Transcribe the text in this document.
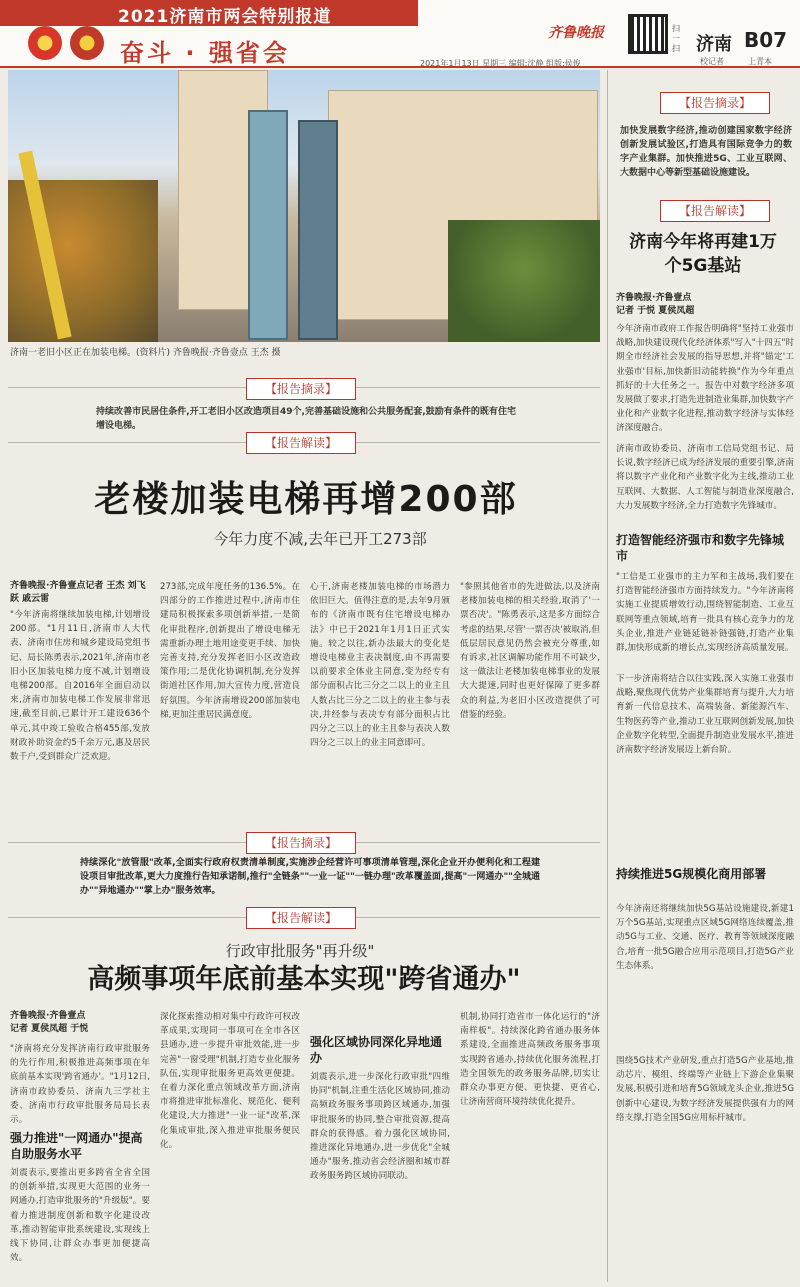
2021济南市两会特别报道
奋斗 · 强省会
齐鲁晚报	扫一扫 济南 B07
2021年1月13日 星期三 编辑:沈静 组版:侯俊	校记者	上青本
济南一老旧小区正在加装电梯。(资料片) 齐鲁晚报·齐鲁壹点 王杰 摄
【报告摘录】
持续改善市民居住条件,开工老旧小区改造项目49个,完善基础设施和公共服务配套,鼓励有条件的既有住宅增设电梯。
【报告解读】
老楼加装电梯再增200部
今年力度不减,去年已开工273部
齐鲁晚报·齐鲁壹点记者 王杰 刘飞跃 戚云雷
"今年济南将继续加装电梯,计划增设200部。"1月11日,济南市人大代表、济南市住房和城乡建设局党组书记、局长陈勇表示,2021年,济南市老旧小区加装电梯力度不减,计划增设电梯200部。自2016年全面启动以来,济南市加装电梯工作发展非常迅速,截至目前,已累计开工建设636个单元,其中竣工验收合格455部,发放财政补助资金约5千余万元,惠及居民数千户,受到群众广泛欢迎。
273部,完成年度任务的136.5%。在四部分的工作推进过程中,济南市住建局积极探索多项创新举措,一是简化审批程序,创新提出了增设电梯无需重新办理土地用途变更手续、加快完善支持,充分发挥老旧小区改造政策作用;二是优化协调机制,充分发挥街道社区作用,加大宣传力度,营造良好氛围。今年济南增设200部加装电梯,更加注重居民满意度。
心干,济南老楼加装电梯的市场潜力依旧巨大。值得注意的是,去年9月颁布的《济南市既有住宅增设电梯办法》中已于2021年1月1日正式实施。较之以往,新办法最大的变化是增设电梯业主表决制度,由不再需要以前要求全体业主同意,变为经专有部分面积占比三分之二以上的业主且人数占比三分之二以上的业主参与表决,并经参与表决专有部分面积占比四分之三以上的业主且参与表决人数四分之三以上的业主同意即可。
"参照其他省市的先进做法,以及济南老楼加装电梯的相关经验,取消了'一票否决'。"陈勇表示,这是多方面综合考虑的结果,尽管'一票否决'被取消,但低层居民意见仍然会被充分尊重,如有诉求,社区调解功能作用不可缺少,这一做法让老楼加装电梯事业的发展大大提速,同时也更好保障了更多群众的利益,为老旧小区改造提供了可借鉴的经验。
【报告摘录】
持续深化"放管服"改革,全面实行政府权责清单制度,实施涉企经营许可事项清单管理,深化企业开办便利化和工程建设项目审批改革,更大力度推行告知承诺制,推行"全链条""一业一证""一链办理"改革覆盖面,提高"一网通办""全城通办""异地通办""掌上办"服务效率。
【报告解读】
行政审批服务"再升级"
高频事项年底前基本实现"跨省通办"
齐鲁晚报·齐鲁壹点
记者 夏侯凤超 于悦
"济南将充分发挥济南行政审批服务的先行作用,积极推进高频事项在年底前基本实现'跨省通办'。"1月12日,济南市政协委员、济南九三学社主委、济南市行政审批服务局局长表示。
强力推进"一网通办"提高自助服务水平
刘震表示,要推出更多跨省全省全国的创新举措,实现更大范围的业务一网通办,打造审批服务的"升级版"。要着力推进制度创新和数字化建设改革,推动智能审批系统建设,实现线上线下协同,让群众办事更加便捷高效。
深化探索推动相对集中行政许可权改革成果,实现同一事项可在全市各区县通办,进一步提升审批效能,进一步完善"一窗受理"机制,打造专业化服务队伍,实现审批服务更高效更便捷。在着力深化重点领域改革方面,济南市将推进审批标准化、规范化、便利化建设,大力推进"一业一证"改革,深化集成审批,深入推进审批服务便民化。
强化区域协同深化异地通办
刘震表示,进一步深化行政审批"四维协同"机制,注重生活化区域协同,推动高频政务服务事项跨区域通办,加强审批服务的协同,整合审批资源,提高群众的获得感。着力强化区域协同,推进深化异地通办,进一步优化"全城通办"服务,推动省会经济圈和城市群政务服务跨区域协同联动。
机制,协同打造省市一体化运行的"济南样板"。持续深化跨省通办服务体系建设,全面推进高频政务服务事项实现跨省通办,持续优化服务流程,打造全国领先的政务服务品牌,切实让群众办事更方便、更快捷、更省心,让济南营商环境持续优化提升。
【报告摘录】
加快发展数字经济,推动创建国家数字经济创新发展试验区,打造具有国际竞争力的数字产业集群。加快推进5G、工业互联网、大数据中心等新型基础设施建设。
【报告解读】
济南今年将再建1万个5G基站
齐鲁晚报·齐鲁壹点
记者 于悦 夏侯凤超
今年济南市政府工作报告明确将"坚持工业强市战略,加快建设现代化经济体系"写入"十四五"时期全市经济社会发展的指导思想,并将"锚定'工业强市'目标,加快新旧动能转换"作为今年重点抓好的十大任务之一。报告中对数字经济多项发展做了要求,打造先进制造业集群,加快数字产业化和产业数字化进程,推动数字经济与实体经济深度融合。
济南市政协委员、济南市工信局党组书记、局长说,数字经济已成为经济发展的重要引擎,济南将以数字产业化和产业数字化为主线,推动工业互联网、大数据、人工智能与制造业深度融合,大力发展数字经济,全力打造数字先锋城市。
打造智能经济强市和数字先锋城市
"工信是工业强市的主力军和主战场,我们要在打造智能经济强市方面持续发力。"今年济南将实施工业提质增效行动,围绕智能制造、工业互联网等重点领域,培育一批具有核心竞争力的龙头企业,推进产业链延链补链强链,打造产业集群,加快形成新的增长点,实现经济高质量发展。
下一步济南将结合以往实践,深入实施工业强市战略,聚焦现代优势产业集群培育与提升,大力培育新一代信息技术、高端装备、新能源汽车、生物医药等产业,推动工业互联网创新发展,加快企业数字化转型,全面提升制造业发展水平,推进济南数字经济发展迈上新台阶。
持续推进5G规模化商用部署
今年济南还将继续加快5G基站设施建设,新建1万个5G基站,实现重点区域5G网络连续覆盖,推动5G与工业、交通、医疗、教育等领域深度融合,培育一批5G融合应用示范项目,打造5G产业生态体系。
围绕5G技术产业研发,重点打造5G产业基地,推动芯片、模组、终端等产业链上下游企业集聚发展,积极引进和培育5G领域龙头企业,推进5G创新中心建设,为数字经济发展提供强有力的网络支撑,打造全国5G应用标杆城市。
